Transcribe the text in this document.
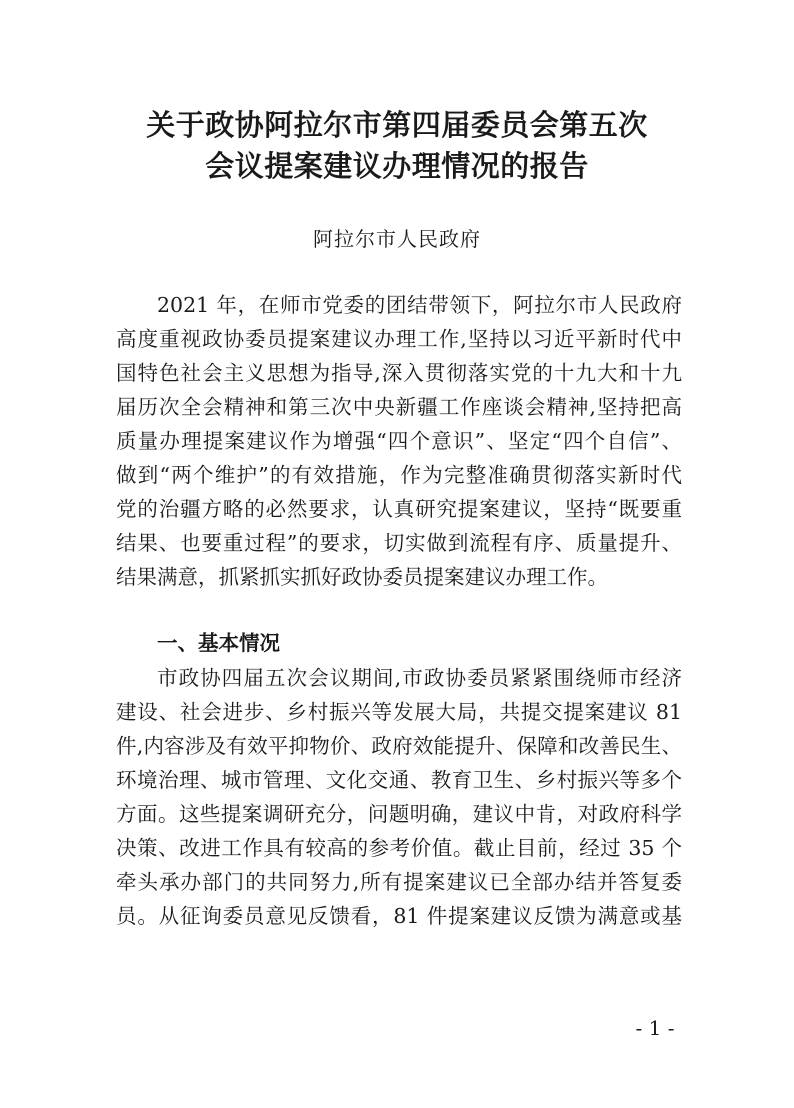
关于政协阿拉尔市第四届委员会第五次
会议提案建议办理情况的报告
阿拉尔市人民政府
2021 年，在师市党委的团结带领下，阿拉尔市人民政府
高度重视政协委员提案建议办理工作,坚持以习近平新时代中
国特色社会主义思想为指导,深入贯彻落实党的十九大和十九
届历次全会精神和第三次中央新疆工作座谈会精神,坚持把高
质量办理提案建议作为增强“四个意识”、坚定“四个自信”、
做到“两个维护”的有效措施，作为完整准确贯彻落实新时代
党的治疆方略的必然要求，认真研究提案建议，坚持“既要重
结果、也要重过程”的要求，切实做到流程有序、质量提升、
结果满意，抓紧抓实抓好政协委员提案建议办理工作。
一、基本情况
市政协四届五次会议期间,市政协委员紧紧围绕师市经济
建设、社会进步、乡村振兴等发展大局，共提交提案建议 81
件,内容涉及有效平抑物价、政府效能提升、保障和改善民生、
环境治理、城市管理、文化交通、教育卫生、乡村振兴等多个
方面。这些提案调研充分，问题明确，建议中肯，对政府科学
决策、改进工作具有较高的参考价值。截止目前，经过 35 个
牵头承办部门的共同努力,所有提案建议已全部办结并答复委
员。从征询委员意见反馈看，81 件提案建议反馈为满意或基
- 1 -
